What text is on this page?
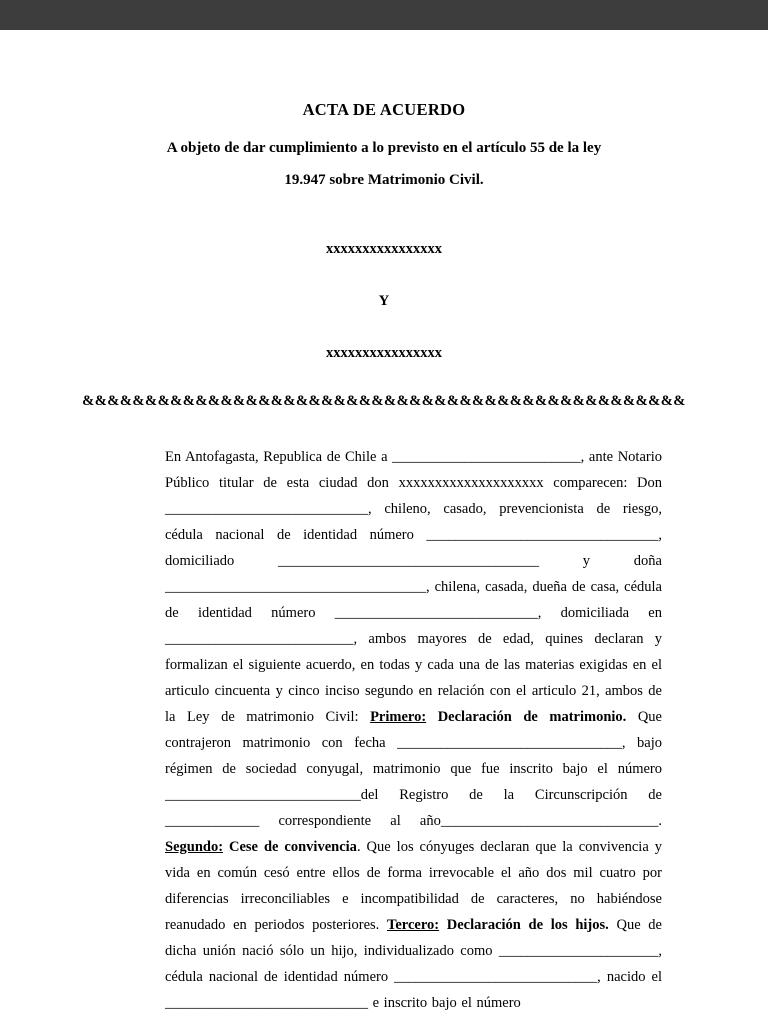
ACTA DE ACUERDO
A objeto de dar cumplimiento a lo previsto en el artículo 55 de la ley
19.947 sobre Matrimonio Civil.
xxxxxxxxxxxxxxxx
Y
xxxxxxxxxxxxxxxx
&&&&&&&&&&&&&&&&&&&&&&&&&&&&&&&&&&&&&&&&&&&&&&&&

En Antofagasta, Republica de Chile a __________________________, ante Notario Público titular de esta ciudad don xxxxxxxxxxxxxxxxxxxx comparecen: Don ____________________________, chileno, casado, prevencionista de riesgo, cédula nacional de identidad número ________________________________, domiciliado ____________________________________ y doña ____________________________________, chilena, casada, dueña de casa, cédula de identidad número ____________________________, domiciliada en __________________________, ambos mayores de edad, quines declaran y formalizan el siguiente acuerdo, en todas y cada una de las materias exigidas en el articulo cincuenta y cinco inciso segundo en relación con el articulo 21, ambos de la Ley de matrimonio Civil: Primero: Declaración de matrimonio. Que contrajeron matrimonio con fecha _______________________________, bajo régimen de sociedad conyugal, matrimonio que fue inscrito bajo el número ___________________________del Registro de la Circunscripción de _____________ correspondiente al año______________________________. Segundo: Cese de convivencia. Que los cónyuges declaran que la convivencia y vida en común cesó entre ellos de forma irrevocable el año dos mil cuatro por diferencias irreconciliables e incompatibilidad de caracteres, no habiéndose reanudado en periodos posteriores. Tercero: Declaración de los hijos. Que de dicha unión nació sólo un hijo, individualizado como ______________________, cédula nacional de identidad número ____________________________, nacido el ____________________________ e inscrito bajo el número
